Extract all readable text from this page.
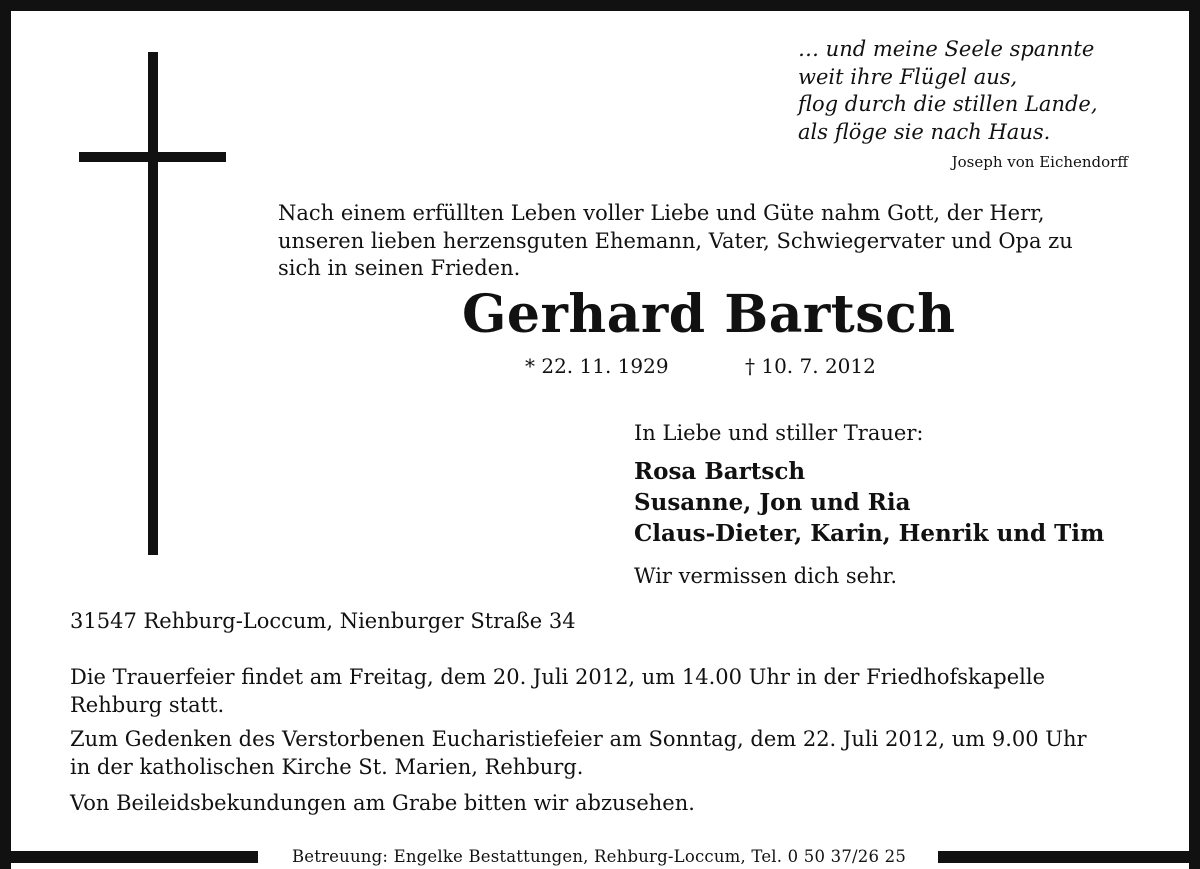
… und meine Seele spannte
weit ihre Flügel aus,
flog durch die stillen Lande,
als flöge sie nach Haus.
Joseph von Eichendorff
Nach einem erfüllten Leben voller Liebe und Güte nahm Gott, der Herr,
unseren lieben herzensguten Ehemann, Vater, Schwiegervater und Opa zu
sich in seinen Frieden.
Gerhard Bartsch
* 22. 11. 1929	† 10. 7. 2012
In Liebe und stiller Trauer:
Rosa Bartsch
Susanne, Jon und Ria
Claus-Dieter, Karin, Henrik und Tim
Wir vermissen dich sehr.
31547 Rehburg-Loccum, Nienburger Straße 34
Die Trauerfeier findet am Freitag, dem 20. Juli 2012, um 14.00 Uhr in der Friedhofskapelle
Rehburg statt.
Zum Gedenken des Verstorbenen Eucharistiefeier am Sonntag, dem 22. Juli 2012, um 9.00 Uhr
in der katholischen Kirche St. Marien, Rehburg.
Von Beileidsbekundungen am Grabe bitten wir abzusehen.
Betreuung: Engelke Bestattungen, Rehburg-Loccum, Tel. 0 50 37/26 25
